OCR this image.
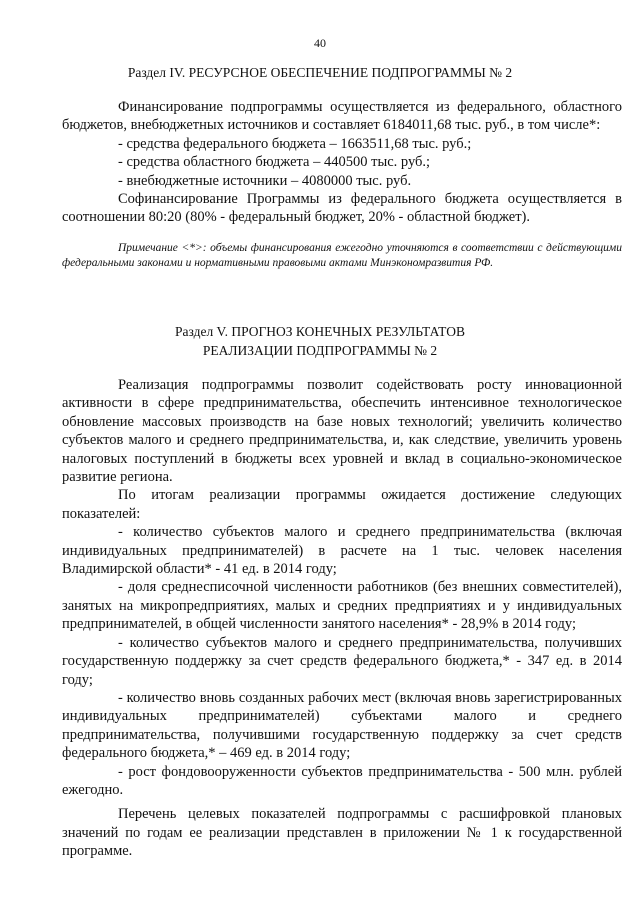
40
Раздел IV. РЕСУРСНОЕ ОБЕСПЕЧЕНИЕ ПОДПРОГРАММЫ № 2

Финансирование подпрограммы осуществляется из федерального, областного бюджетов, внебюджетных источников и составляет 6184011,68 тыс. руб., в том числе*:

- средства федерального бюджета – 1663511,68 тыс. руб.;

- средства областного бюджета – 440500 тыс. руб.;

- внебюджетные источники – 4080000 тыс. руб.

Софинансирование Программы из федерального бюджета осуществляется в соотношении 80:20 (80% - федеральный бюджет, 20% - областной бюджет).

Примечание <*>: объемы финансирования ежегодно уточняются в соответствии с действующими федеральными законами и нормативными правовыми актами Минэкономразвития РФ.

Раздел V. ПРОГНОЗ КОНЕЧНЫХ РЕЗУЛЬТАТОВ
РЕАЛИЗАЦИИ ПОДПРОГРАММЫ № 2

Реализация подпрограммы позволит содействовать росту инновационной активности в сфере предпринимательства, обеспечить интенсивное технологическое обновление массовых производств на базе новых технологий; увеличить количество субъектов малого и среднего предпринимательства, и, как следствие, увеличить уровень налоговых поступлений в бюджеты всех уровней и вклад в социально-экономическое развитие региона.

По итогам реализации программы ожидается достижение следующих показателей:

- количество субъектов малого и среднего предпринимательства (включая индивидуальных предпринимателей) в расчете на 1 тыс. человек населения Владимирской области* - 41 ед. в 2014 году;

- доля среднесписочной численности работников (без внешних совместителей), занятых на микропредприятиях, малых и средних предприятиях и у индивидуальных предпринимателей, в общей численности занятого населения* - 28,9% в 2014 году;

- количество субъектов малого и среднего предпринимательства, получивших государственную поддержку за счет средств федерального бюджета,* - 347 ед. в 2014 году;

- количество вновь созданных рабочих мест (включая вновь зарегистрированных индивидуальных предпринимателей) субъектами малого и среднего предпринимательства, получившими государственную поддержку за счет средств федерального бюджета,* – 469 ед. в 2014 году;

- рост фондовооруженности субъектов предпринимательства - 500 млн. рублей ежегодно.

Перечень целевых показателей подпрограммы с расшифровкой плановых значений по годам ее реализации представлен в приложении № 1 к государственной программе.
